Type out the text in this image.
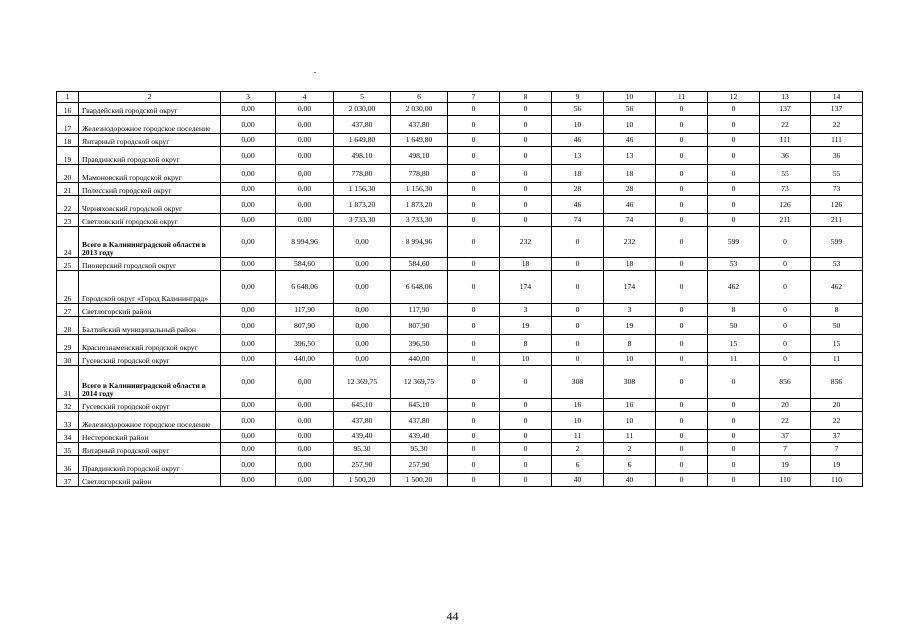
1	2	3	4	5	6	7	8	9	10	11	12	13	14
16	Гвардейский городской округ	0,00	0,00	2 030,00	2 030,00	0	0	56	56	0	0	137	137
17	Железнодорожное городское поселение	0,00	0,00	437,80	437,80	0	0	10	10	0	0	22	22
18	Янтарный городской округ	0,00	0,00	1 649,80	1 649,80	0	0	46	46	0	0	111	111
19	Правдинский городской округ	0,00	0,00	498,10	498,10	0	0	13	13	0	0	36	36
20	Мамоновский городской округ	0,00	0,00	778,80	778,80	0	0	18	18	0	0	55	55
21	Полесский городской округ	0,00	0,00	1 156,30	1 156,30	0	0	28	28	0	0	73	73
22	Черняховский городской округ	0,00	0,00	1 873,20	1 873,20	0	0	46	46	0	0	126	126
23	Светловский городской округ	0,00	0,00	3 733,30	3 733,30	0	0	74	74	0	0	211	211
24	Всего в Калининградской области в 2013 году	0,00	8 994,96	0,00	8 994,96	0	232	0	232	0	599	0	599
25	Пионерский городской округ	0,00	584,60	0,00	584,60	0	18	0	18	0	53	0	53
26	Городской округ «Город Калининград»	0,00	6 648,06	0,00	6 648,06	0	174	0	174	0	462	0	462
27	Светлогорский район	0,00	117,90	0,00	117,90	0	3	0	3	0	8	0	8
28	Балтийский муниципальный район	0,00	807,90	0,00	807,90	0	19	0	19	0	50	0	50
29	Краснознаменский городской округ	0,00	396,50	0,00	396,50	0	8	0	8	0	15	0	15
30	Гусевский городской округ	0,00	440,00	0,00	440,00	0	10	0	10	0	11	0	11
31	Всего в Калининградской области в 2014 году	0,00	0,00	12 369,75	12 369,75	0	0	308	308	0	0	856	856
32	Гусевский городской округ	0,00	0,00	645,10	645,10	0	0	16	16	0	0	20	20
33	Железнодорожное городское поселение	0,00	0,00	437,80	437,80	0	0	10	10	0	0	22	22
34	Нестеровский район	0,00	0,00	439,40	439,40	0	0	11	11	0	0	37	37
35	Янтарный городской округ	0,00	0,00	95,30	95,30	0	0	2	2	0	0	7	7
36	Правдинский городской округ	0,00	0,00	257,90	257,90	0	0	6	6	0	0	19	19
37	Светлогорский район	0,00	0,00	1 500,20	1 500,20	0	0	40	40	0	0	110	110
44
